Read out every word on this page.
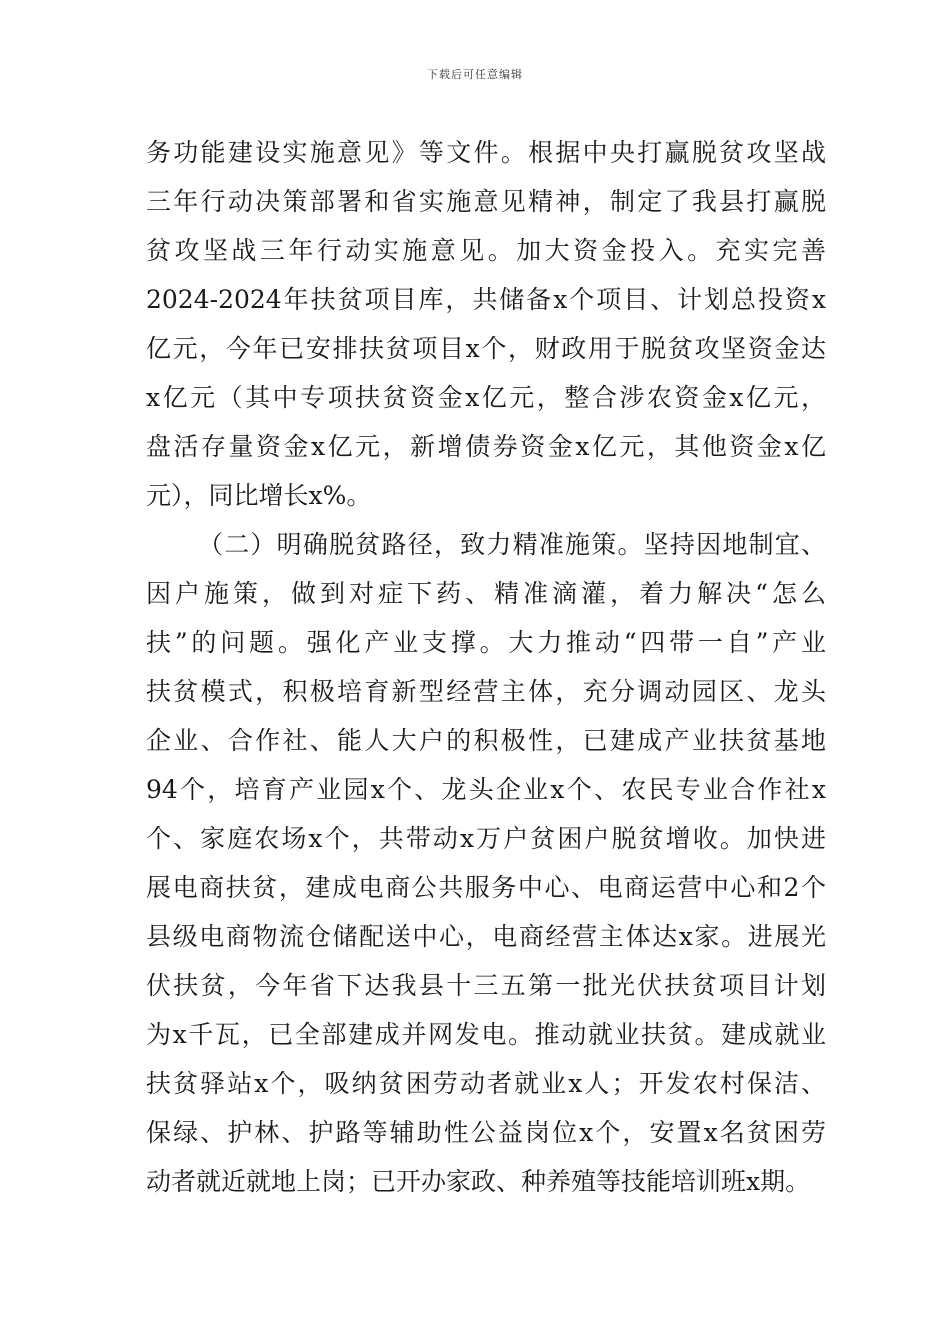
下载后可任意编辑
务功能建设实施意见》等文件。根据中央打赢脱贫攻坚战
三年行动决策部署和省实施意见精神，制定了我县打赢脱
贫攻坚战三年行动实施意见。加大资金投入。充实完善
2024-2024年扶贫项目库，共储备x个项目、计划总投资x
亿元，今年已安排扶贫项目x个，财政用于脱贫攻坚资金达
x亿元（其中专项扶贫资金x亿元，整合涉农资金x亿元，
盘活存量资金x亿元，新增债券资金x亿元，其他资金x亿
元），同比增长x%。
（二）明确脱贫路径，致力精准施策。坚持因地制宜、
因户施策，做到对症下药、精准滴灌，着力解决“怎么
扶”的问题。强化产业支撑。大力推动“四带一自”产业
扶贫模式，积极培育新型经营主体，充分调动园区、龙头
企业、合作社、能人大户的积极性，已建成产业扶贫基地
94个，培育产业园x个、龙头企业x个、农民专业合作社x
个、家庭农场x个，共带动x万户贫困户脱贫增收。加快进
展电商扶贫，建成电商公共服务中心、电商运营中心和2个
县级电商物流仓储配送中心，电商经营主体达x家。进展光
伏扶贫，今年省下达我县十三五第一批光伏扶贫项目计划
为x千瓦，已全部建成并网发电。推动就业扶贫。建成就业
扶贫驿站x个，吸纳贫困劳动者就业x人；开发农村保洁、
保绿、护林、护路等辅助性公益岗位x个，安置x名贫困劳
动者就近就地上岗；已开办家政、种养殖等技能培训班x期。
